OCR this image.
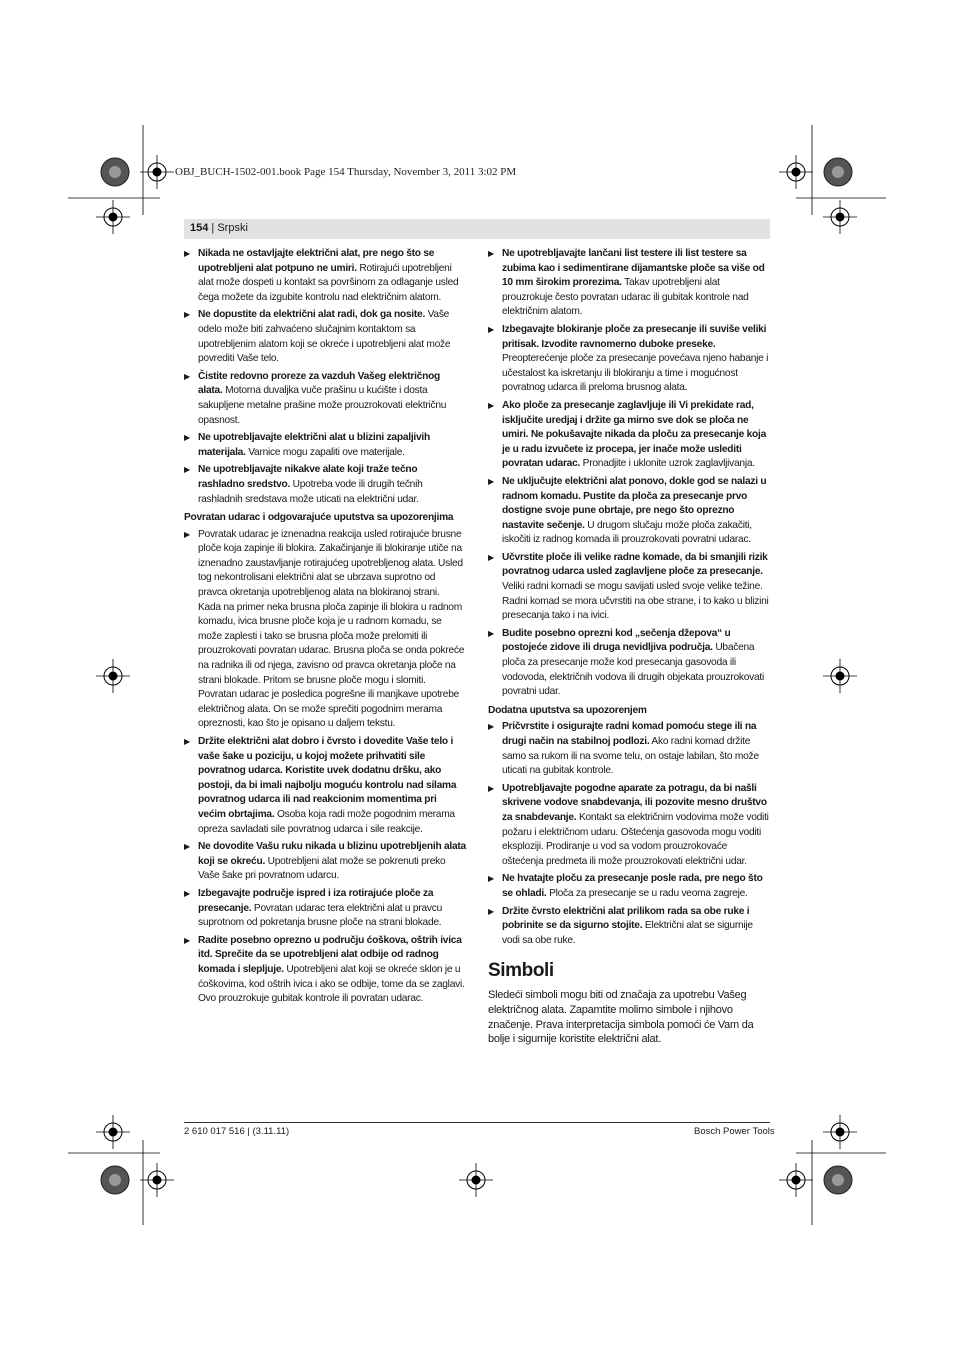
OBJ_BUCH-1502-001.book Page 154 Thursday, November 3, 2011 3:02 PM
154 | Srpski
▶ Nikada ne ostavljajte električni alat, pre nego što se upotrebljeni alat potpuno ne umiri. Rotirajući upotrebljeni alat može dospeti u kontakt sa površinom za odlaganje usled čega možete da izgubite kontrolu nad električnim alatom.
▶ Ne dopustite da električni alat radi, dok ga nosite. Vaše odelo može biti zahvaćeno slučajnim kontaktom sa upotrebljenim alatom koji se okreće i upotrebljeni alat može povrediti Vaše telo.
▶ Čistite redovno proreze za vazduh Vašeg električnog alata. Motorna duvaljka vuče prašinu u kućište i dosta sakupljene metalne prašine može prouzrokovati električnu opasnost.
▶ Ne upotrebljavajte električni alat u blizini zapaljivih materijala. Varnice mogu zapaliti ove materijale.
▶ Ne upotrebljavajte nikakve alate koji traže tečno rashladno sredstvo. Upotreba vode ili drugih tečnih rashladnih sredstava može uticati na električni udar.
Povratan udarac i odgovarajuće uputstva sa upozorenjima
▶ Povratak udarac je iznenadna reakcija usled rotirajuće brusne ploče koja zapinje ili blokira. Zakačinjanje ili blokiranje utiče na iznenadno zaustavljanje rotirajućeg upotrebljenog alata. Usled tog nekontrolisani električni alat se ubrzava suprotno od pravca okretanja upotrebljenog alata na blokiranoj strani.

Kada na primer neka brusna ploča zapinje ili blokira u radnom komadu, ivica brusne ploče koja je u radnom komadu, se može zaplesti i tako se brusna ploča može prelomiti ili prouzrokovati povratan udarac. Brusna ploča se onda pokreće na radnika ili od njega, zavisno od pravca okretanja ploče na strani blokade. Pritom se brusne ploče mogu i slomiti.

Povratan udarac je posledica pogrešne ili manjkave upotrebe električnog alata. On se može sprečiti pogodnim merama opreznosti, kao što je opisano u daljem tekstu.

▶ Držite električni alat dobro i čvrsto i dovedite Vaše telo i vaše šake u poziciju, u kojoj možete prihvatiti sile povratnog udarca. Koristite uvek dodatnu dršku, ako postoji, da bi imali najbolju moguću kontrolu nad silama povratnog udarca ili nad reakcionim momentima pri većim obrtajima. Osoba koja radi može pogodnim merama opreza savladati sile povratnog udarca i sile reakcije.
▶ Ne dovodite Vašu ruku nikada u blizinu upotrebljenih alata koji se okreću. Upotrebljeni alat može se pokrenuti preko Vaše šake pri povratnom udarcu.
▶ Izbegavajte područje ispred i iza rotirajuće ploče za presecanje. Povratan udarac tera električni alat u pravcu suprotnom od pokretanja brusne ploče na strani blokade.
▶ Radite posebno oprezno u području ćoškova, oštrih ivica itd. Sprečite da se upotrebljeni alat odbije od radnog komada i slepljuje. Upotrebljeni alat koji se okreće sklon je u ćoškovima, kod oštrih ivica i ako se odbije, tome da se zaglavi. Ovo prouzrokuje gubitak kontrole ili povratan udarac.
▶ Ne upotrebljavajte lančani list testere ili list testere sa zubima kao i sedimentirane dijamantske ploče sa više od 10 mm širokim prorezima. Takav upotrebljeni alat prouzrokuje često povratan udarac ili gubitak kontrole nad električnim alatom.
▶ Izbegavajte blokiranje ploče za presecanje ili suviše veliki pritisak. Izvodite ravnomerno duboke preseke. Preopterećenje ploče za presecanje povećava njeno habanje i učestalost ka iskretanju ili blokiranju a time i mogućnost povratnog udarca ili preloma brusnog alata.
▶ Ako ploče za presecanje zaglavljuje ili Vi prekidate rad, isključite uredjaj i držite ga mirno sve dok se ploča ne umiri. Ne pokušavajte nikada da ploču za presecanje koja je u radu izvučete iz procepa, jer inače može uslediti povratan udarac. Pronadjite i uklonite uzrok zaglavljivanja.
▶ Ne uključujte električni alat ponovo, dokle god se nalazi u radnom komadu. Pustite da ploča za presecanje prvo dostigne svoje pune obrtaje, pre nego što oprezno nastavite sečenje. U drugom slučaju može ploča zakačiti, iskočiti iz radnog komada ili prouzrokovati povratni udarac.
▶ Učvrstite ploče ili velike radne komade, da bi smanjili rizik povratnog udarca usled zaglavljene ploče za presecanje. Veliki radni komadi se mogu savijati usled svoje velike težine. Radni komad se mora učvrstiti na obe strane, i to kako u blizini presecanja tako i na ivici.
▶ Budite posebno oprezni kod „sečenja džepova“ u postojeće zidove ili druga nevidljiva područja. Ubačena ploča za presecanje može kod presecanja gasovoda ili vodovoda, električnih vodova ili drugih objekata prouzrokovati povratni udar.
Dodatna uputstva sa upozorenjem
▶ Pričvrstite i osigurajte radni komad pomoću stege ili na drugi način na stabilnoj podlozi. Ako radni komad držite samo sa rukom ili na svome telu, on ostaje labilan, što može uticati na gubitak kontrole.
▶ Upotrebljavajte pogodne aparate za potragu, da bi našli skrivene vodove snabdevanja, ili pozovite mesno društvo za snabdevanje. Kontakt sa električnim vodovima može voditi požaru i električnom udaru. Oštećenja gasovoda mogu voditi eksploziji. Prodiranje u vod sa vodom prouzrokovaće oštećenja predmeta ili može prouzrokovati električni udar.
▶ Ne hvatajte ploču za presecanje posle rada, pre nego što se ohladi. Ploča za presecanje se u radu veoma zagreje.
▶ Držite čvrsto električni alat prilikom rada sa obe ruke i pobrinite se da sigurno stojite. Električni alat se sigurnije vodi sa obe ruke.
Simboli

Sledeći simboli mogu biti od značaja za upotrebu Vašeg električnog alata. Zapamtite molimo simbole i njihovo značenje. Prava interpretacija simbola pomoći će Vam da bolje i sigurnije koristite električni alat.

2 610 017 516 | (3.11.11)	Bosch Power Tools
